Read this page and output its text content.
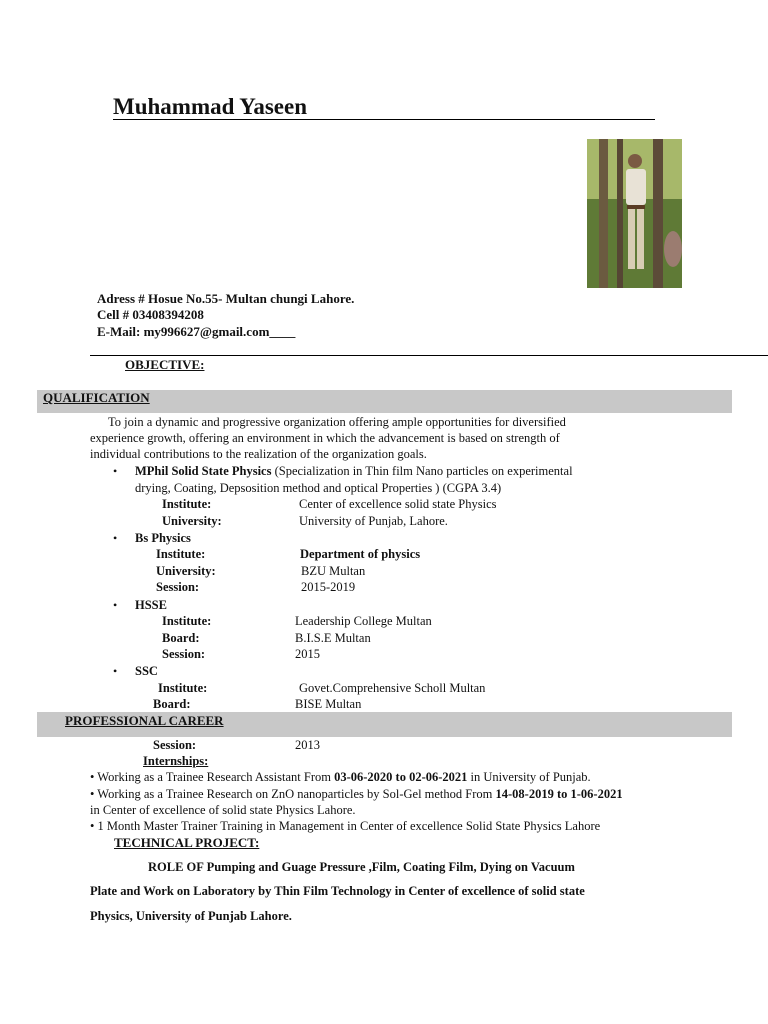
Muhammad Yaseen
Adress # Hosue No.55- Multan chungi Lahore.
Cell # 03408394208
E-Mail: my996627@gmail.com____
OBJECTIVE:
QUALIFICATION
To join a dynamic and progressive organization offering ample opportunities for diversified
experience growth, offering an environment in which the advancement is based on strength of
individual contributions to the realization of the organization goals.
• MPhil Solid State Physics (Specialization in Thin film Nano particles on experimental
drying, Coating, Depsosition method and optical Properties ) (CGPA 3.4)
Institute:	Center of excellence solid state Physics
University:	University of Punjab, Lahore.
• Bs Physics
Institute:	Department of physics
University:	BZU Multan
Session:	2015-2019
• HSSE
Institute:	Leadership College Multan
Board:	B.I.S.E Multan
Session:	2015
• SSC
Institute:	Govet.Comprehensive Scholl Multan
Board:	BISE Multan
PROFESSIONAL CAREER
Session:	2013
Internships:
• Working as a Trainee Research Assistant From 03-06-2020 to 02-06-2021 in University of Punjab.
• Working as a Trainee Research on ZnO nanoparticles by Sol-Gel method From 14-08-2019 to 1-06-2021
in Center of excellence of solid state Physics Lahore.
• 1 Month Master Trainer Training in Management in Center of excellence Solid State Physics Lahore
TECHNICAL PROJECT:
ROLE OF Pumping and Guage Pressure ,Film, Coating Film, Dying on Vacuum
Plate and Work on Laboratory by Thin Film Technology in Center of excellence of solid state
Physics, University of Punjab Lahore.
